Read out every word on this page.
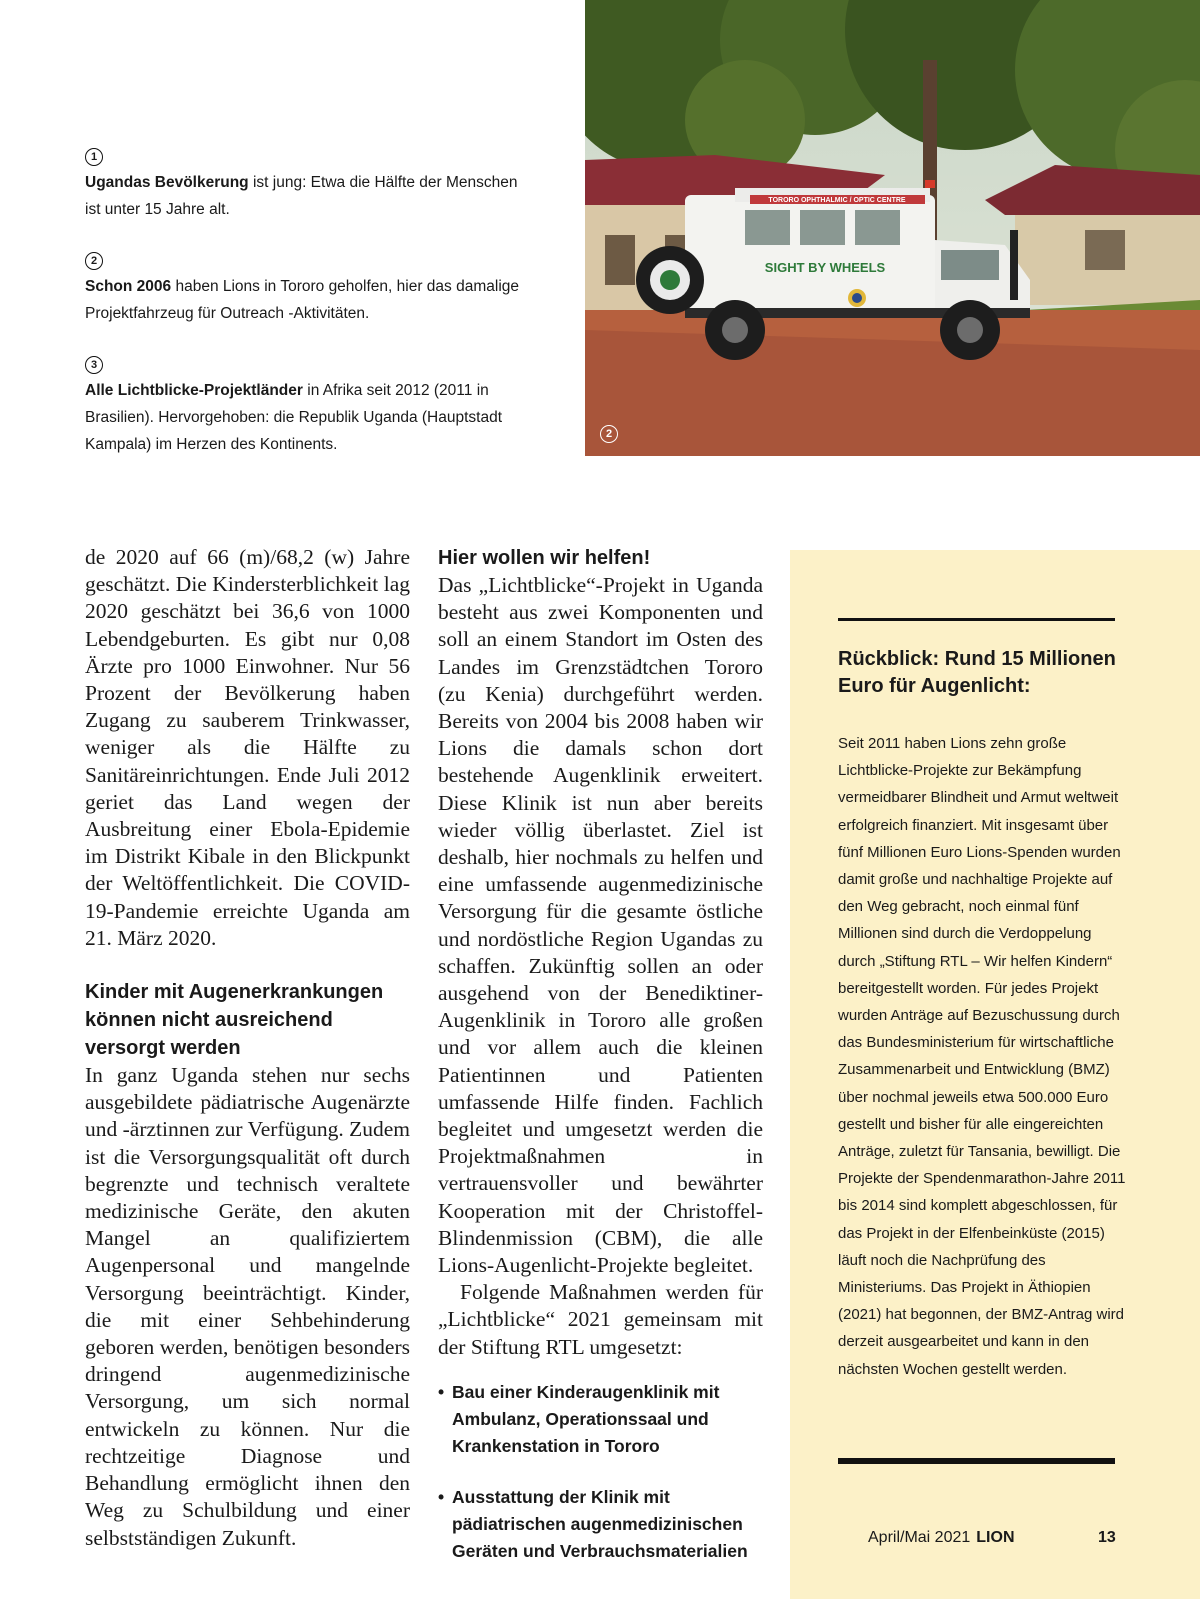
1
Ugandas Bevölkerung ist jung: Etwa die Hälfte der Menschen ist unter 15 Jahre alt.
2
Schon 2006 haben Lions in Tororo geholfen, hier das damalige Projektfahrzeug für Outreach -Aktivitäten.
3
Alle Lichtblicke-Projektländer in Afrika seit 2012 (2011 in Brasilien). Hervorgehoben: die Republik Uganda (Hauptstadt Kampala) im Herzen des Kontinents.
TORORO OPHTHALMIC / OPTIC CENTRE
SIGHT BY WHEELS
2

de 2020 auf 66 (m)/68,2 (w) Jahre geschätzt. Die Kindersterblichkeit lag 2020 geschätzt bei 36,6 von 1000 Lebendgeburten. Es gibt nur 0,08 Ärzte pro 1000 Einwohner. Nur 56 Prozent der Bevölkerung haben Zugang zu sauberem Trinkwasser, weniger als die Hälfte zu Sanitäreinrichtungen. Ende Juli 2012 geriet das Land wegen der Ausbreitung einer Ebola-Epidemie im Distrikt Kibale in den Blickpunkt der Weltöffentlichkeit. Die COVID-19-Pandemie erreichte Uganda am 21. März 2020.

Kinder mit Augenerkrankungen können nicht ausreichend versorgt werden

In ganz Uganda stehen nur sechs ausgebildete pädiatrische Augenärzte und -ärztinnen zur Verfügung. Zudem ist die Versorgungsqualität oft durch begrenzte und technisch veraltete medizinische Geräte, den akuten Mangel an qualifiziertem Augenpersonal und mangelnde Versorgung beeinträchtigt. Kinder, die mit einer Sehbehinderung geboren werden, benötigen besonders dringend augenmedizinische Versorgung, um sich normal entwickeln zu können. Nur die rechtzeitige Diagnose und Behandlung ermöglicht ihnen den Weg zu Schulbildung und einer selbstständigen Zukunft.

Hier wollen wir helfen!

Das „Lichtblicke“-Projekt in Uganda besteht aus zwei Komponenten und soll an einem Standort im Osten des Landes im Grenzstädtchen Tororo (zu Kenia) durchgeführt werden. Bereits von 2004 bis 2008 haben wir Lions die damals schon dort bestehende Augenklinik erweitert. Diese Klinik ist nun aber bereits wieder völlig überlastet. Ziel ist deshalb, hier nochmals zu helfen und eine umfassende augenmedizinische Versorgung für die gesamte östliche und nordöstliche Region Ugandas zu schaffen. Zukünftig sollen an oder ausgehend von der Benediktiner-Augenklinik in Tororo alle großen und vor allem auch die kleinen Patientinnen und Patienten umfassende Hilfe finden. Fachlich begleitet und umgesetzt werden die Projektmaßnahmen in vertrauensvoller und bewährter Kooperation mit der Christoffel-Blindenmission (CBM), die alle Lions-Augenlicht-Projekte begleitet.

Folgende Maßnahmen werden für „Lichtblicke“ 2021 gemeinsam mit der Stiftung RTL umgesetzt:

• Bau einer Kinderaugenklinik mit Ambulanz, Operationssaal und Krankenstation in Tororo
• Ausstattung der Klinik mit pädiatrischen augenmedizinischen Geräten und Verbrauchsmaterialien
Rückblick: Rund 15 Millionen Euro für Augenlicht:
Seit 2011 haben Lions zehn große Lichtblicke-Projekte zur Bekämpfung vermeidbarer Blindheit und Armut weltweit erfolgreich finanziert. Mit insgesamt über fünf Millionen Euro Lions-Spenden wurden damit große und nachhaltige Projekte auf den Weg gebracht, noch einmal fünf Millionen sind durch die Verdoppelung durch „Stiftung RTL – Wir helfen Kindern“ bereitgestellt worden. Für jedes Projekt wurden Anträge auf Bezuschussung durch das Bundesministerium für wirtschaftliche Zusammenarbeit und Entwicklung (BMZ) über nochmal jeweils etwa 500.000 Euro gestellt und bisher für alle eingereichten Anträge, zuletzt für Tansania, bewilligt. Die Projekte der Spendenmarathon-Jahre 2011 bis 2014 sind komplett abgeschlossen, für das Projekt in der Elfenbeinküste (2015) läuft noch die Nachprüfung des Ministeriums. Das Projekt in Äthiopien (2021) hat begonnen, der BMZ-Antrag wird derzeit ausgearbeitet und kann in den nächsten Wochen gestellt werden.
April/Mai 2021 LION	13
